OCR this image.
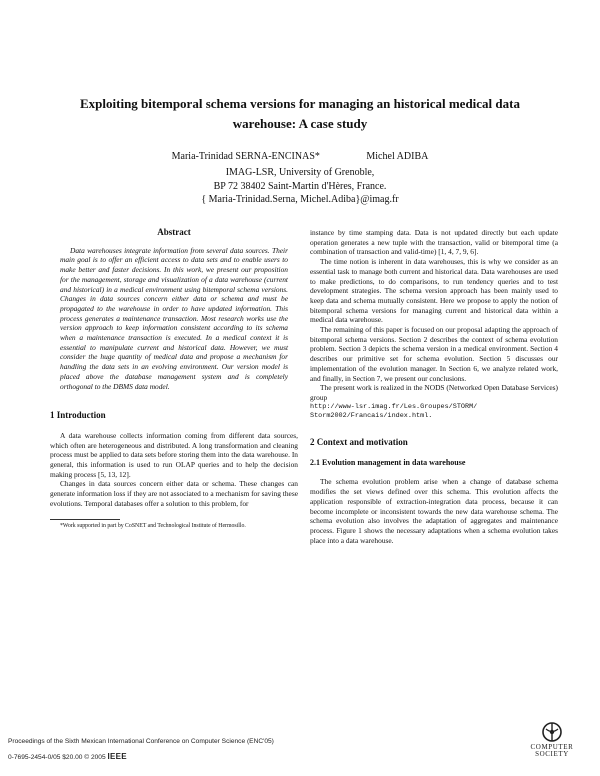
Exploiting bitemporal schema versions for managing an historical medical data
warehouse: A case study
Maria-Trinidad SERNA-ENCINAS*	Michel ADIBA
IMAG-LSR, University of Grenoble,
BP 72 38402 Saint-Martin d'Hères, France.
{ Maria-Trinidad.Serna, Michel.Adiba}@imag.fr
Abstract

Data warehouses integrate information from several data sources. Their main goal is to offer an efficient access to data sets and to enable users to make better and faster decisions. In this work, we present our proposition for the management, storage and visualization of a data warehouse (current and historical) in a medical environment using bitemporal schema versions. Changes in data sources concern either data or schema and must be propagated to the warehouse in order to have updated information. This process generates a maintenance transaction. Most research works use the version approach to keep information consistent according to its schema when a maintenance transaction is executed. In a medical context it is essential to manipulate current and historical data. However, we must consider the huge quantity of medical data and propose a mechanism for handling the data sets in an evolving environment. Our version model is placed above the database management system and is completely orthogonal to the DBMS data model.

1 Introduction

A data warehouse collects information coming from different data sources, which often are heterogeneous and distributed. A long transformation and cleaning process must be applied to data sets before storing them into the data warehouse. In general, this information is used to run OLAP queries and to help the decision making process [5, 13, 12].

Changes in data sources concern either data or schema. These changes can generate information loss if they are not associated to a mechanism for saving these evolutions. Temporal databases offer a solution to this problem, for

*Work supported in part by CoSNET and Technological Institute of Hermosillo.

instance by time stamping data. Data is not updated directly but each update operation generates a new tuple with the transaction, valid or bitemporal time (a combination of transaction and valid-time) [1, 4, 7, 9, 6].

The time notion is inherent in data warehouses, this is why we consider as an essential task to manage both current and historical data. Data warehouses are used to make predictions, to do comparisons, to run tendency queries and to test development strategies. The schema version approach has been mainly used to keep data and schema mutually consistent. Here we propose to apply the notion of bitemporal schema versions for managing current and historical data within a medical data warehouse.

The remaining of this paper is focused on our proposal adapting the approach of bitemporal schema versions. Section 2 describes the context of schema evolution problem. Section 3 depicts the schema version in a medical environment. Section 4 describes our primitive set for schema evolution. Section 5 discusses our implementation of the evolution manager. In Section 6, we analyze related work, and finally, in Section 7, we present our conclusions.

The present work is realized in the NODS (Networked Open Database Services) group

http://www-lsr.imag.fr/Les.Groupes/STORM/
Storm2002/Francais/index.html.
2 Context and motivation
2.1 Evolution management in data warehouse

The schema evolution problem arise when a change of database schema modifies the set views defined over this schema. This evolution affects the application responsible of extraction-integration data process, because it can become incomplete or inconsistent towards the new data warehouse schema. The schema evolution also involves the adaptation of aggregates and maintenance process. Figure 1 shows the necessary adaptations when a schema evolution takes place into a data warehouse.

Proceedings of the Sixth Mexican International Conference on Computer Science (ENC'05)
0-7695-2454-0/05 $20.00 © 2005 IEEE
COMPUTER
SOCIETY
